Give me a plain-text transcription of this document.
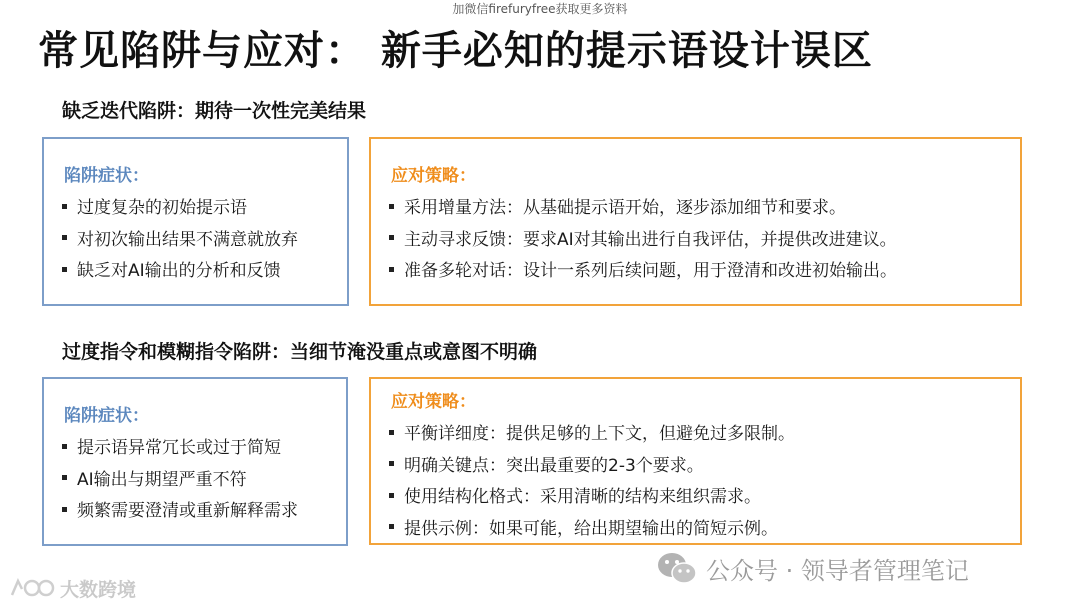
加微信firefuryfree获取更多资料
常见陷阱与应对： 新手必知的提示语设计误区
缺乏迭代陷阱：期待一次性完美结果
陷阱症状：
过度复杂的初始提示语
对初次输出结果不满意就放弃
缺乏对AI输出的分析和反馈
应对策略：
采用增量方法：从基础提示语开始，逐步添加细节和要求。
主动寻求反馈：要求AI对其输出进行自我评估，并提供改进建议。
准备多轮对话：设计一系列后续问题，用于澄清和改进初始输出。
过度指令和模糊指令陷阱：当细节淹没重点或意图不明确
陷阱症状：
提示语异常冗长或过于简短
AI输出与期望严重不符
频繁需要澄清或重新解释需求
应对策略：
平衡详细度：提供足够的上下文，但避免过多限制。
明确关键点：突出最重要的2-3个要求。
使用结构化格式：采用清晰的结构来组织需求。
提供示例：如果可能，给出期望输出的简短示例。
公众号 · 领导者管理笔记
大数跨境
